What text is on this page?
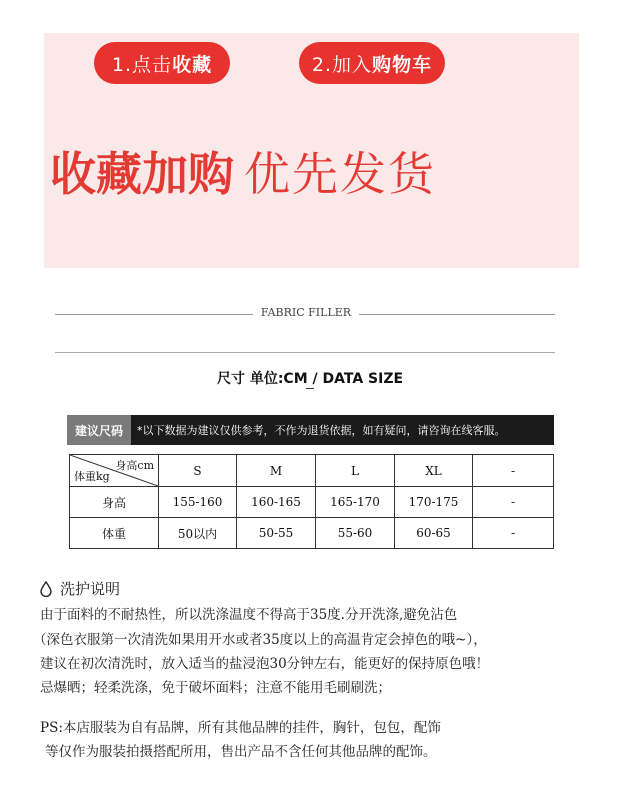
1.点击 收藏	2.加入 购物车
收藏加购 优先发货
FABRIC FILLER
尺寸 单位:CM / DATA SIZE
建议尺码	*以下数据为建议仅供参考，不作为退货依据，如有疑问，请咨询在线客服。
身高cm
体重kg	S	M	L	XL	-
身高	155-160	160-165	165-170	170-175	-
体重	50以内	50-55	55-60	60-65	-
洗护说明
由于面料的不耐热性，所以洗涤温度不得高于35度.分开洗涤,避免沾色
（深色衣服第一次清洗如果用开水或者35度以上的高温肯定会掉色的哦~），
建议在初次清洗时，放入适当的盐浸泡30分钟左右，能更好的保持原色哦！
忌爆晒；轻柔洗涤，免于破坏面料；注意不能用毛刷刷洗；
PS:本店服装为自有品牌，所有其他品牌的挂件，胸针，包包，配饰
等仅作为服装拍摄搭配所用，售出产品不含任何其他品牌的配饰。
